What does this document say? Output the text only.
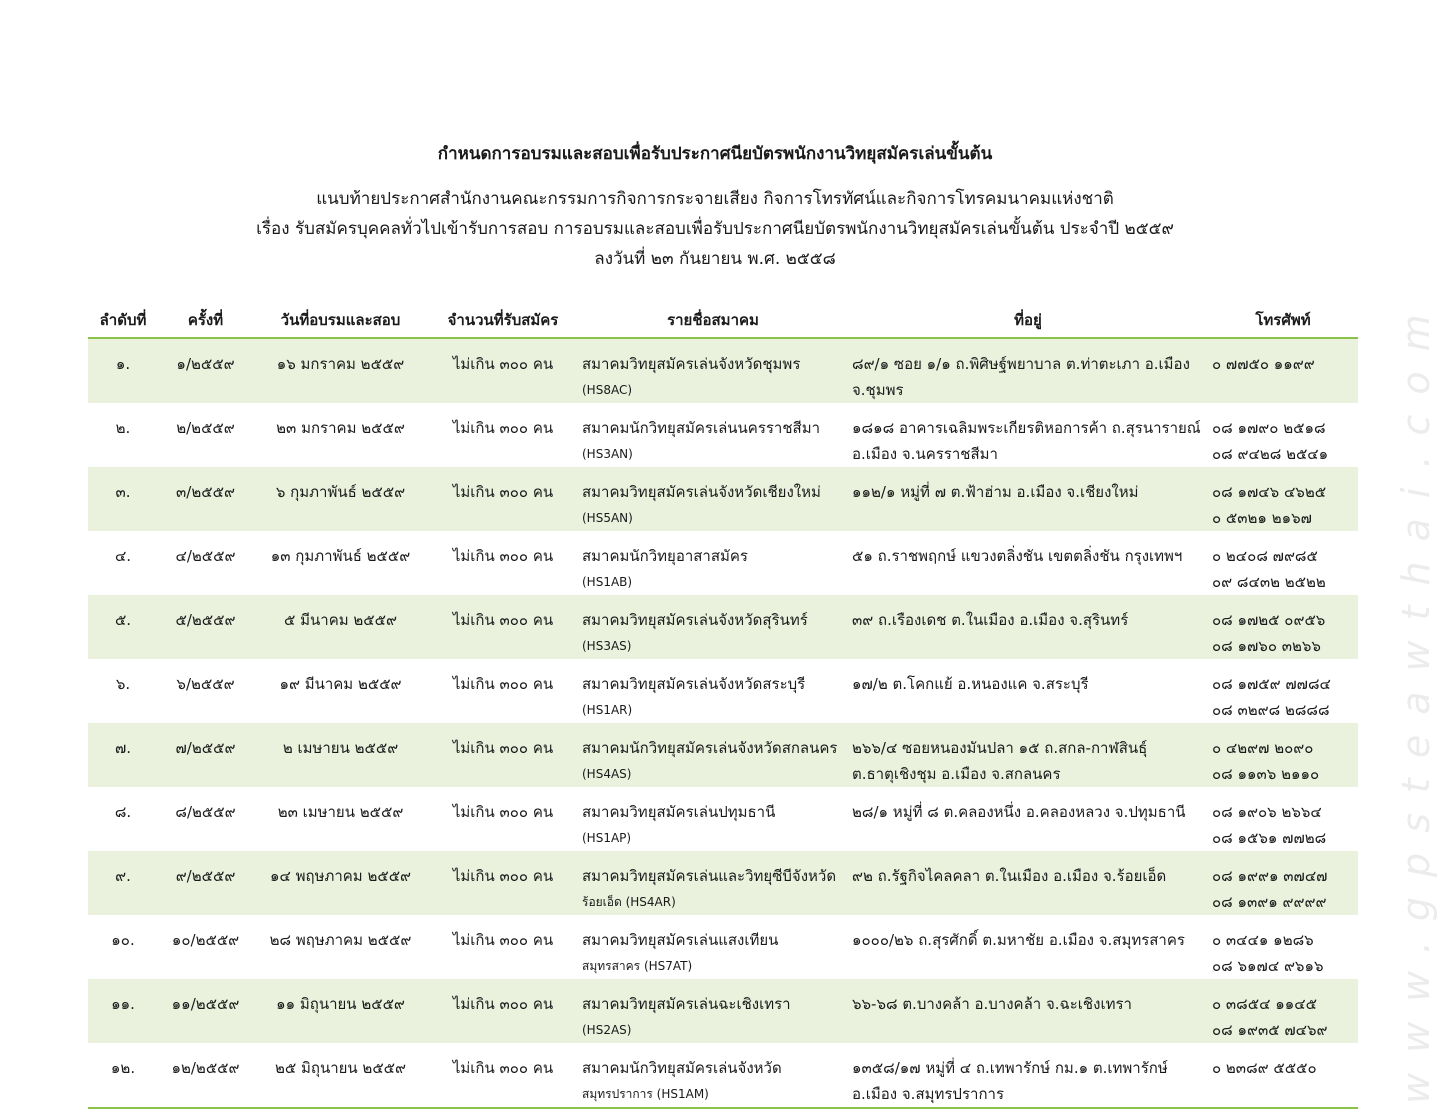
www.gpsteawthai.com

กำหนดการอบรมและสอบเพื่อรับประกาศนียบัตรพนักงานวิทยุสมัครเล่นขั้นต้น

แนบท้ายประกาศสำนักงานคณะกรรมการกิจการกระจายเสียง กิจการโทรทัศน์และกิจการโทรคมนาคมแห่งชาติ

เรื่อง รับสมัครบุคคลทั่วไปเข้ารับการสอบ การอบรมและสอบเพื่อรับประกาศนียบัตรพนักงานวิทยุสมัครเล่นขั้นต้น ประจำปี ๒๕๕๙

ลงวันที่ ๒๓ กันยายน พ.ศ. ๒๕๕๘

ลำดับที่	ครั้งที่	วันที่อบรมและสอบ	จำนวนที่รับสมัคร	รายชื่อสมาคม	ที่อยู่	โทรศัพท์

๑.	๑/๒๕๕๙	๑๖ มกราคม ๒๕๕๙	ไม่เกิน ๓๐๐ คน	สมาคมวิทยุสมัครเล่นจังหวัดชุมพร
(HS8AC)	๘๙/๑ ซอย ๑/๑ ถ.พิศิษฐ์พยาบาล ต.ท่าตะเภา อ.เมือง
จ.ชุมพร	๐ ๗๗๕๐ ๑๑๙๙

๒.	๒/๒๕๕๙	๒๓ มกราคม ๒๕๕๙	ไม่เกิน ๓๐๐ คน	สมาคมนักวิทยุสมัครเล่นนครราชสีมา
(HS3AN)	๑๘๑๘ อาคารเฉลิมพระเกียรติหอการค้า ถ.สุรนารายณ์
อ.เมือง จ.นครราชสีมา	๐๘ ๑๗๙๐ ๒๕๑๘
๐๘ ๙๔๒๘ ๒๕๔๑

๓.	๓/๒๕๕๙	๖ กุมภาพันธ์ ๒๕๕๙	ไม่เกิน ๓๐๐ คน	สมาคมวิทยุสมัครเล่นจังหวัดเชียงใหม่
(HS5AN)	๑๑๒/๑ หมู่ที่ ๗ ต.ฟ้าฮ่าม อ.เมือง จ.เชียงใหม่	๐๘ ๑๗๔๖ ๔๖๒๕
๐ ๕๓๒๑ ๒๑๖๗

๔.	๔/๒๕๕๙	๑๓ กุมภาพันธ์ ๒๕๕๙	ไม่เกิน ๓๐๐ คน	สมาคมนักวิทยุอาสาสมัคร
(HS1AB)	๕๑ ถ.ราชพฤกษ์ แขวงตลิ่งชัน เขตตลิ่งชัน กรุงเทพฯ	๐ ๒๔๐๘ ๗๙๘๕
๐๙ ๘๔๓๒ ๒๕๒๒

๕.	๕/๒๕๕๙	๕ มีนาคม ๒๕๕๙	ไม่เกิน ๓๐๐ คน	สมาคมวิทยุสมัครเล่นจังหวัดสุรินทร์
(HS3AS)	๓๙ ถ.เรืองเดช ต.ในเมือง อ.เมือง จ.สุรินทร์	๐๘ ๑๗๒๕ ๐๙๕๖
๐๘ ๑๗๖๐ ๓๒๖๖

๖.	๖/๒๕๕๙	๑๙ มีนาคม ๒๕๕๙	ไม่เกิน ๓๐๐ คน	สมาคมวิทยุสมัครเล่นจังหวัดสระบุรี
(HS1AR)	๑๗/๒ ต.โคกแย้ อ.หนองแค จ.สระบุรี	๐๘ ๑๗๕๙ ๗๗๘๔
๐๘ ๓๒๙๘ ๒๘๘๘

๗.	๗/๒๕๕๙	๒ เมษายน ๒๕๕๙	ไม่เกิน ๓๐๐ คน	สมาคมนักวิทยุสมัครเล่นจังหวัดสกลนคร
(HS4AS)	๒๖๖/๔ ซอยหนองมันปลา ๑๕ ถ.สกล-กาฬสินธุ์
ต.ธาตุเชิงชุม อ.เมือง จ.สกลนคร	๐ ๔๒๙๗ ๒๐๙๐
๐๘ ๑๑๓๖ ๒๑๑๐

๘.	๘/๒๕๕๙	๒๓ เมษายน ๒๕๕๙	ไม่เกิน ๓๐๐ คน	สมาคมวิทยุสมัครเล่นปทุมธานี
(HS1AP)	๒๘/๑ หมู่ที่ ๘ ต.คลองหนึ่ง อ.คลองหลวง จ.ปทุมธานี	๐๘ ๑๙๐๖ ๒๖๖๔
๐๘ ๑๕๖๑ ๗๗๒๘

๙.	๙/๒๕๕๙	๑๔ พฤษภาคม ๒๕๕๙	ไม่เกิน ๓๐๐ คน	สมาคมวิทยุสมัครเล่นและวิทยุซีบีจังหวัด
ร้อยเอ็ด (HS4AR)	๙๒ ถ.รัฐกิจไคลคลา ต.ในเมือง อ.เมือง จ.ร้อยเอ็ด	๐๘ ๑๙๙๑ ๓๗๔๗
๐๘ ๑๓๙๑ ๙๙๙๙

๑๐.	๑๐/๒๕๕๙	๒๘ พฤษภาคม ๒๕๕๙	ไม่เกิน ๓๐๐ คน	สมาคมวิทยุสมัครเล่นแสงเทียน
สมุทรสาคร (HS7AT)	๑๐๐๐/๒๖ ถ.สุรศักดิ์ ต.มหาชัย อ.เมือง จ.สมุทรสาคร	๐ ๓๔๔๑ ๑๒๘๖
๐๘ ๖๑๗๔ ๙๖๑๖

๑๑.	๑๑/๒๕๕๙	๑๑ มิถุนายน ๒๕๕๙	ไม่เกิน ๓๐๐ คน	สมาคมวิทยุสมัครเล่นฉะเชิงเทรา
(HS2AS)	๖๖-๖๘ ต.บางคล้า อ.บางคล้า จ.ฉะเชิงเทรา	๐ ๓๘๕๔ ๑๑๔๕
๐๘ ๑๙๓๕ ๗๔๖๙

๑๒.	๑๒/๒๕๕๙	๒๕ มิถุนายน ๒๕๕๙	ไม่เกิน ๓๐๐ คน	สมาคมนักวิทยุสมัครเล่นจังหวัด
สมุทรปราการ (HS1AM)	๑๓๕๘/๑๗ หมู่ที่ ๔ ถ.เทพารักษ์ กม.๑ ต.เทพารักษ์
อ.เมือง จ.สมุทรปราการ	๐ ๒๓๘๙ ๕๕๕๐
